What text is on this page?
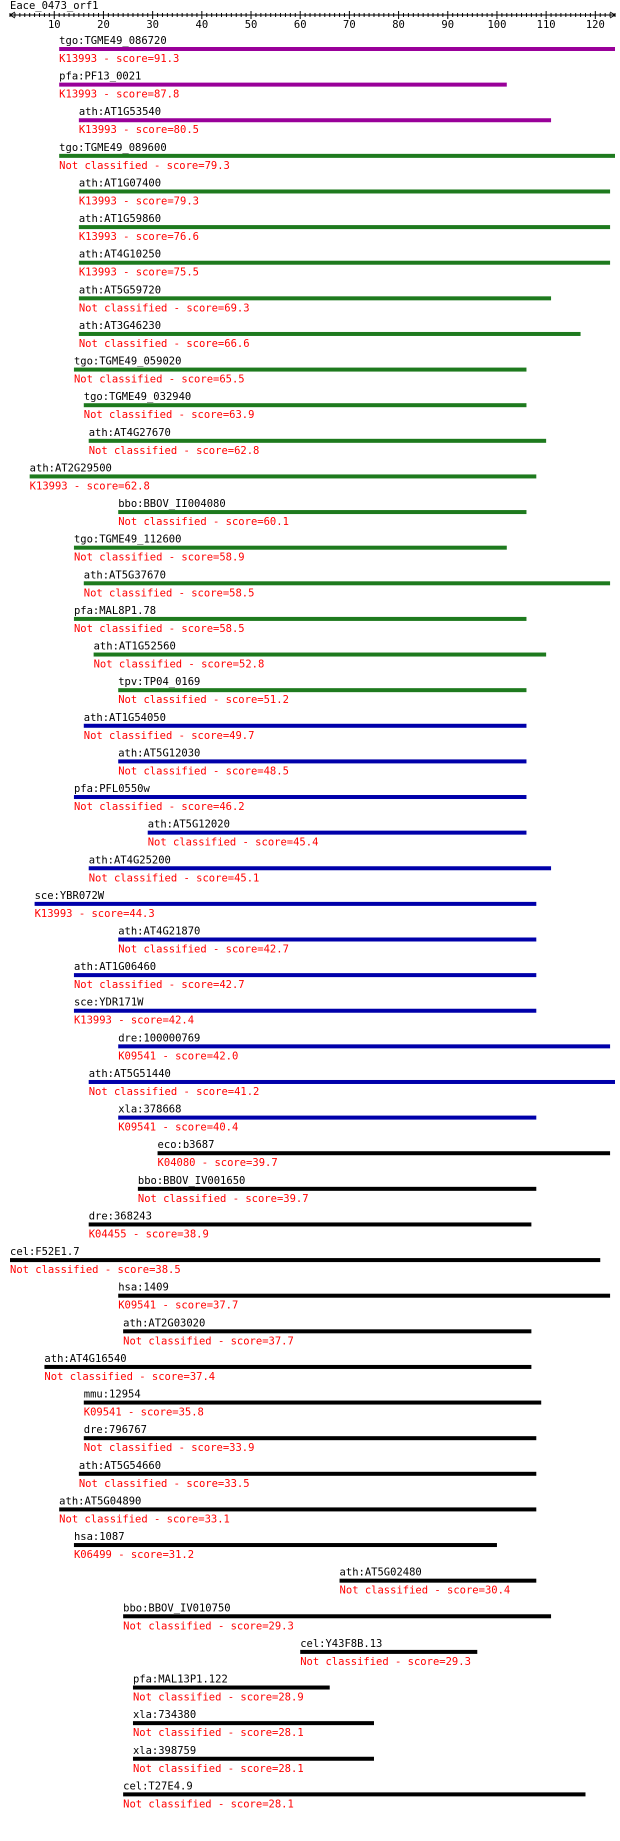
Eace_0473_orf1
10	20	30	40	50	60	70	80	90	100	110	120
tgo:TGME49_086720
K13993 - score=91.3
pfa:PF13_0021
K13993 - score=87.8
ath:AT1G53540
K13993 - score=80.5
tgo:TGME49_089600
Not classified - score=79.3
ath:AT1G07400
K13993 - score=79.3
ath:AT1G59860
K13993 - score=76.6
ath:AT4G10250
K13993 - score=75.5
ath:AT5G59720
Not classified - score=69.3
ath:AT3G46230
Not classified - score=66.6
tgo:TGME49_059020
Not classified - score=65.5
tgo:TGME49_032940
Not classified - score=63.9
ath:AT4G27670
Not classified - score=62.8
ath:AT2G29500
K13993 - score=62.8
bbo:BBOV_II004080
Not classified - score=60.1
tgo:TGME49_112600
Not classified - score=58.9
ath:AT5G37670
Not classified - score=58.5
pfa:MAL8P1.78
Not classified - score=58.5
ath:AT1G52560
Not classified - score=52.8
tpv:TP04_0169
Not classified - score=51.2
ath:AT1G54050
Not classified - score=49.7
ath:AT5G12030
Not classified - score=48.5
pfa:PFL0550w
Not classified - score=46.2
ath:AT5G12020
Not classified - score=45.4
ath:AT4G25200
Not classified - score=45.1
sce:YBR072W
K13993 - score=44.3
ath:AT4G21870
Not classified - score=42.7
ath:AT1G06460
Not classified - score=42.7
sce:YDR171W
K13993 - score=42.4
dre:100000769
K09541 - score=42.0
ath:AT5G51440
Not classified - score=41.2
xla:378668
K09541 - score=40.4
eco:b3687
K04080 - score=39.7
bbo:BBOV_IV001650
Not classified - score=39.7
dre:368243
K04455 - score=38.9
cel:F52E1.7
Not classified - score=38.5
hsa:1409
K09541 - score=37.7
ath:AT2G03020
Not classified - score=37.7
ath:AT4G16540
Not classified - score=37.4
mmu:12954
K09541 - score=35.8
dre:796767
Not classified - score=33.9
ath:AT5G54660
Not classified - score=33.5
ath:AT5G04890
Not classified - score=33.1
hsa:1087
K06499 - score=31.2
ath:AT5G02480
Not classified - score=30.4
bbo:BBOV_IV010750
Not classified - score=29.3
cel:Y43F8B.13
Not classified - score=29.3
pfa:MAL13P1.122
Not classified - score=28.9
xla:734380
Not classified - score=28.1
xla:398759
Not classified - score=28.1
cel:T27E4.9
Not classified - score=28.1
